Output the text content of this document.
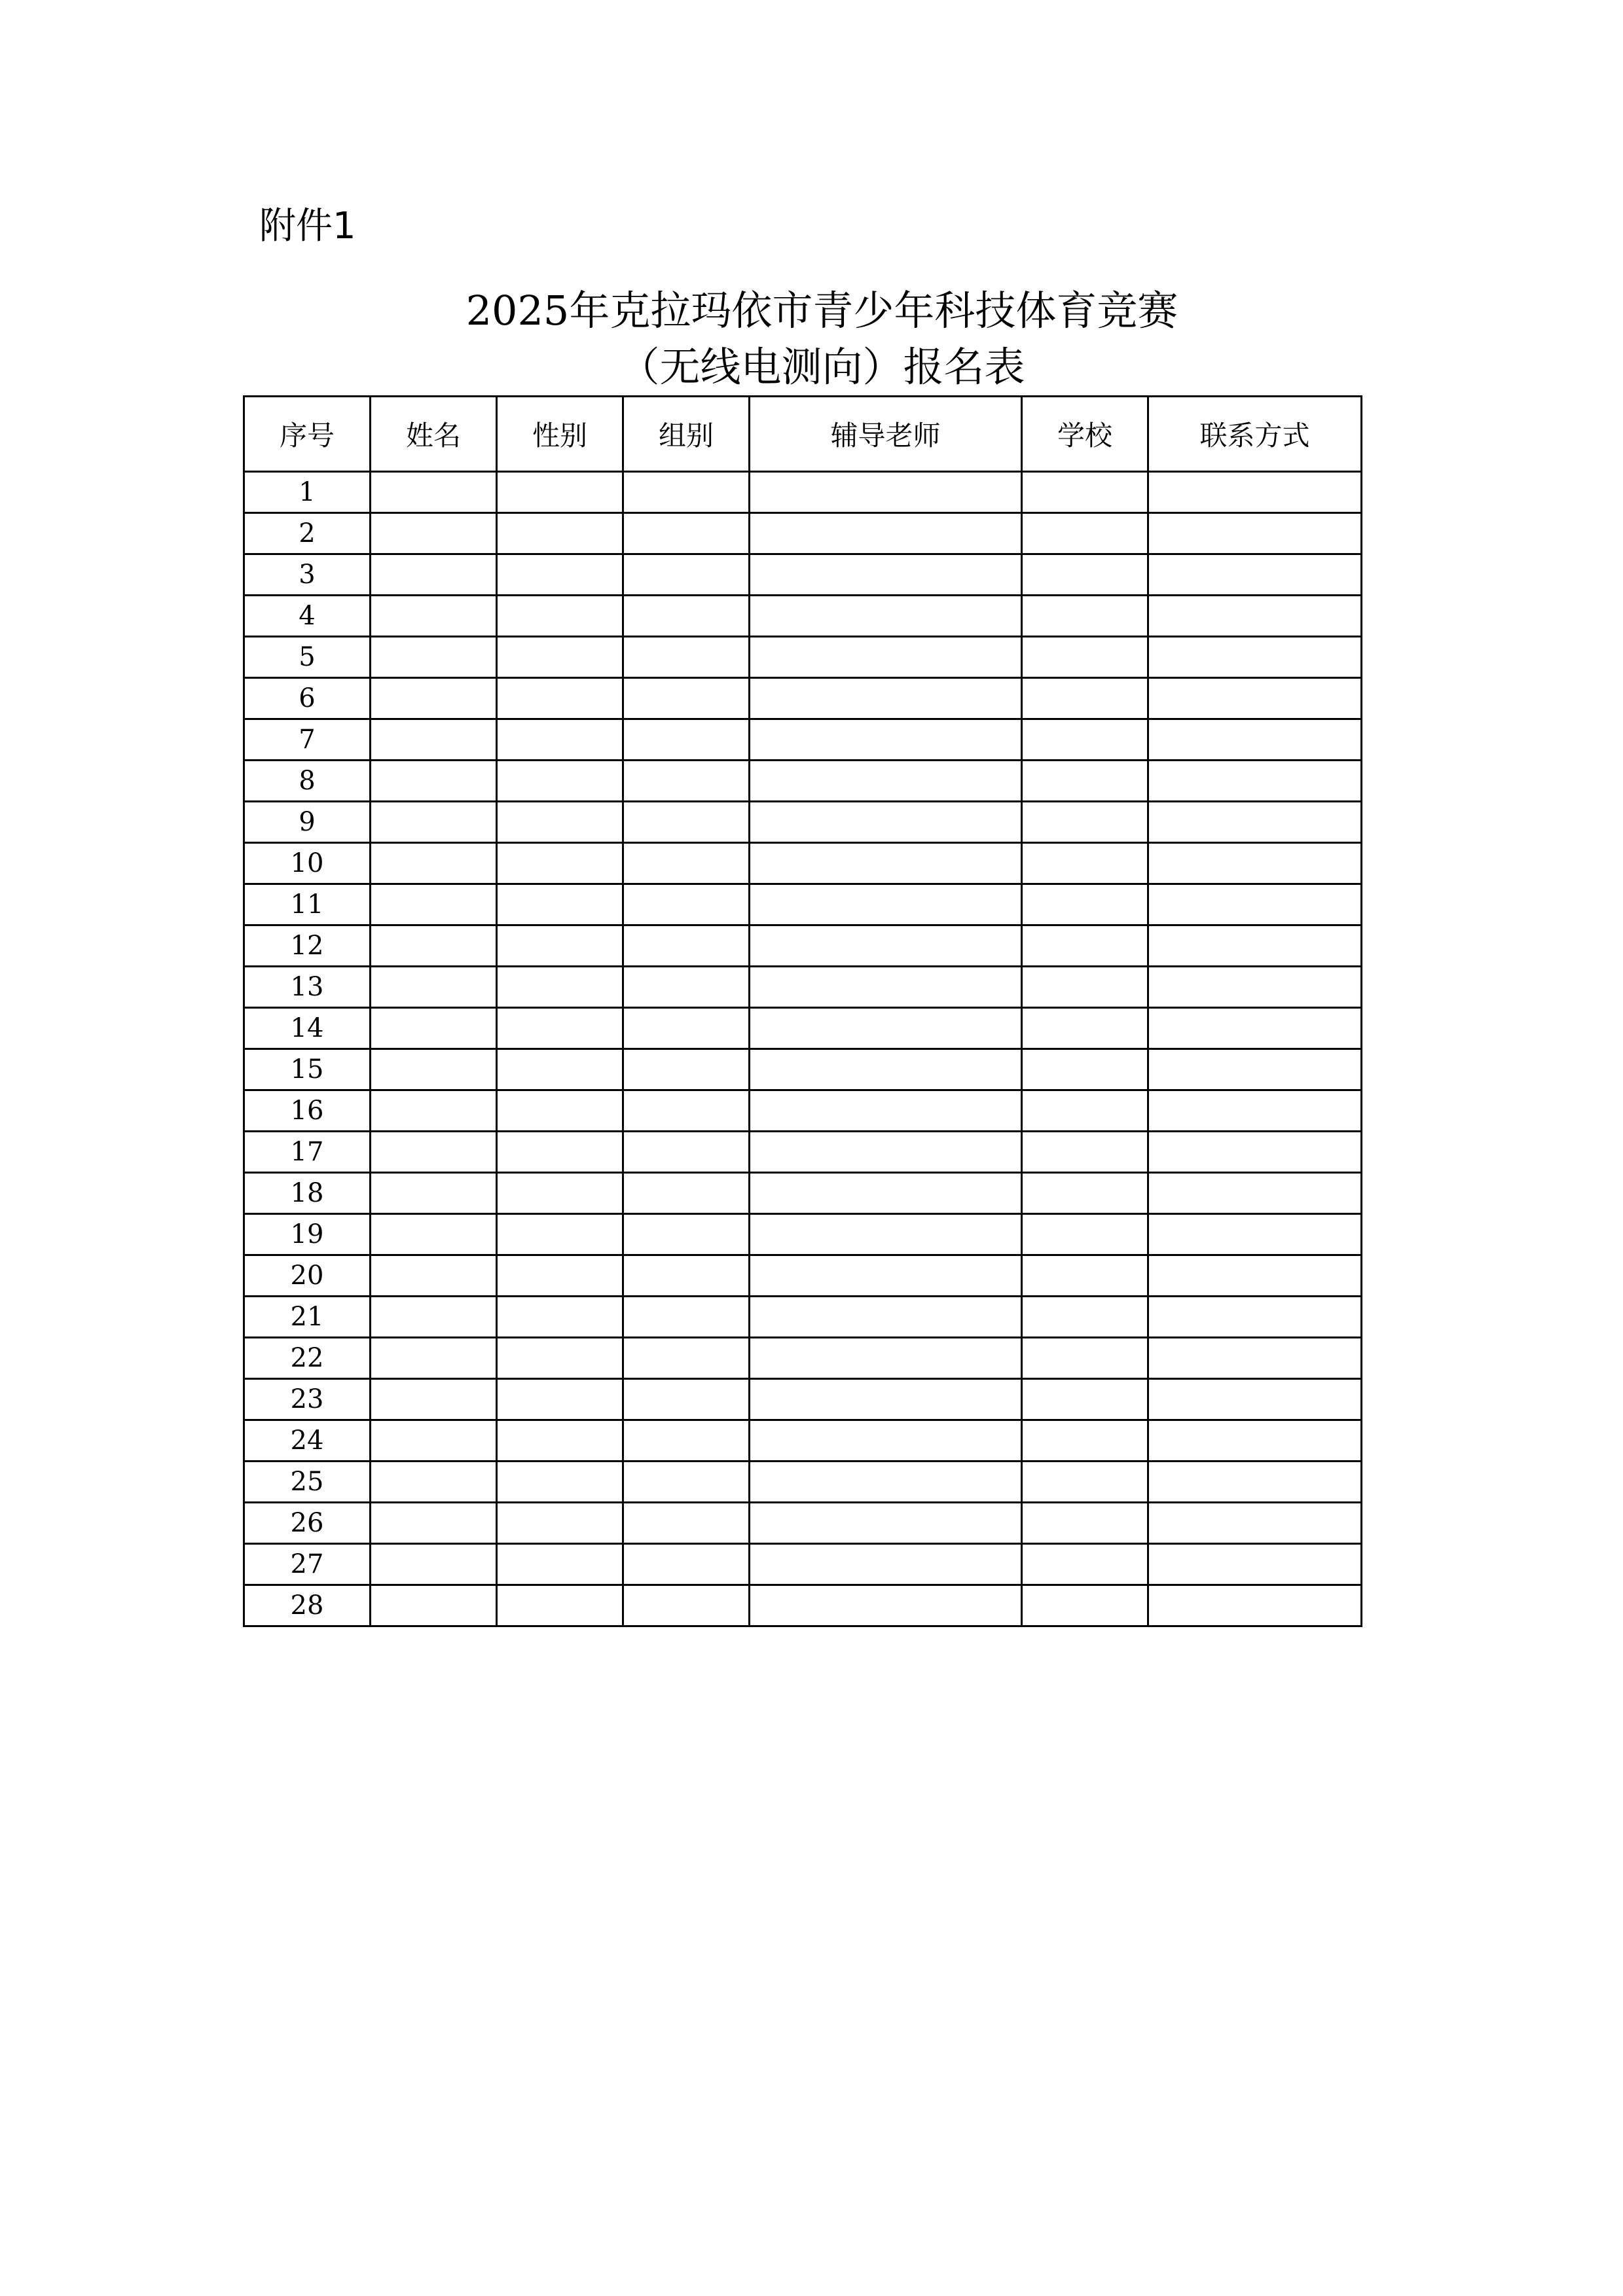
附件1
2025年克拉玛依市青少年科技体育竞赛
（无线电测向）报名表
序号	姓名	性别	组别	辅导老师	学校	联系方式
1						
2						
3						
4						
5						
6						
7						
8						
9						
10						
11						
12						
13						
14						
15						
16						
17						
18						
19						
20						
21						
22						
23						
24						
25						
26						
27						
28						
